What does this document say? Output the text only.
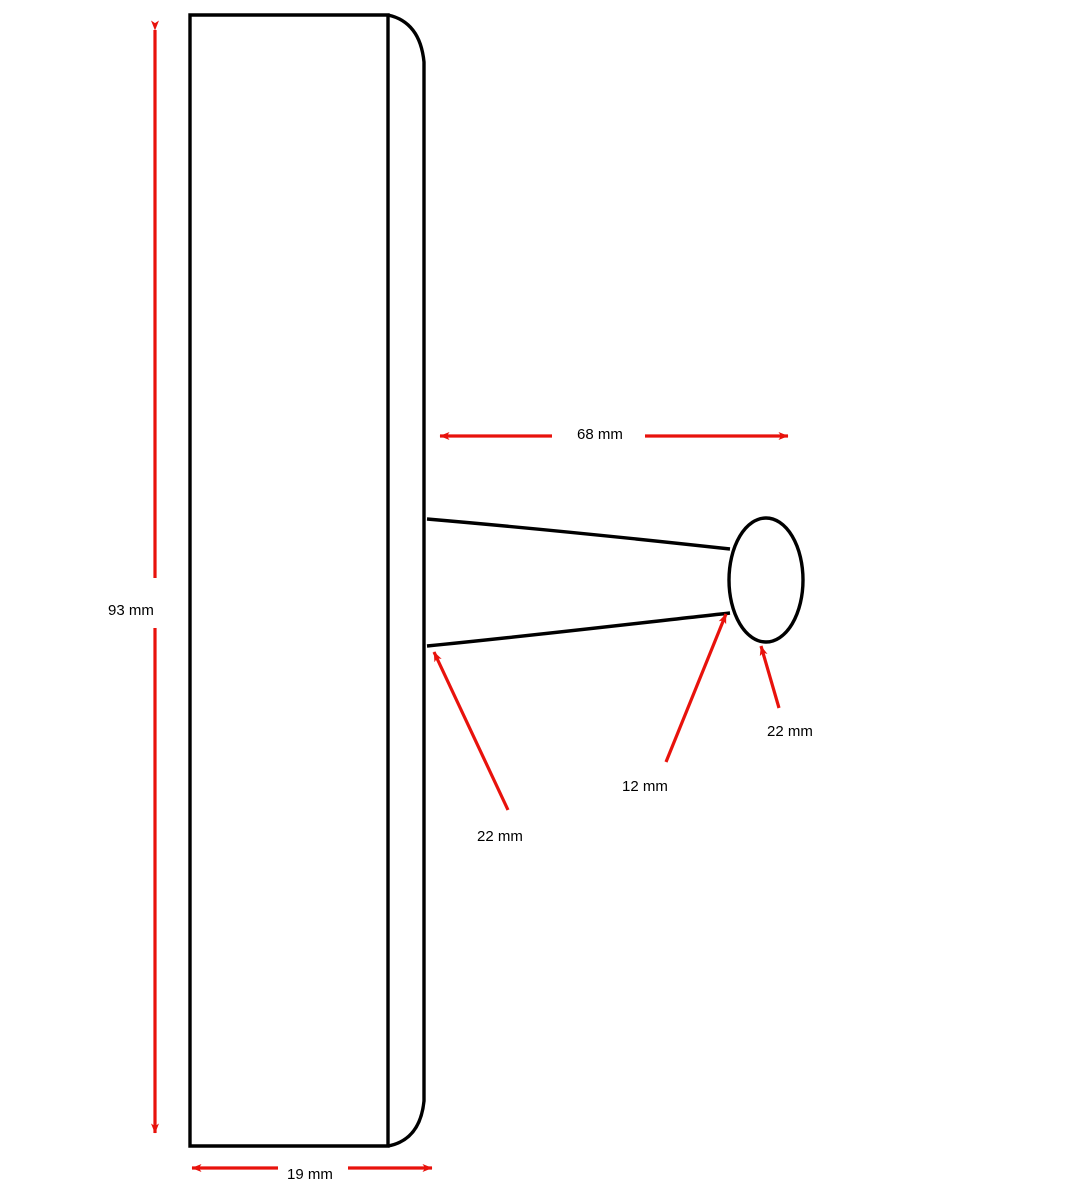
93 mm
68 mm
19 mm
22 mm
12 mm
22 mm
